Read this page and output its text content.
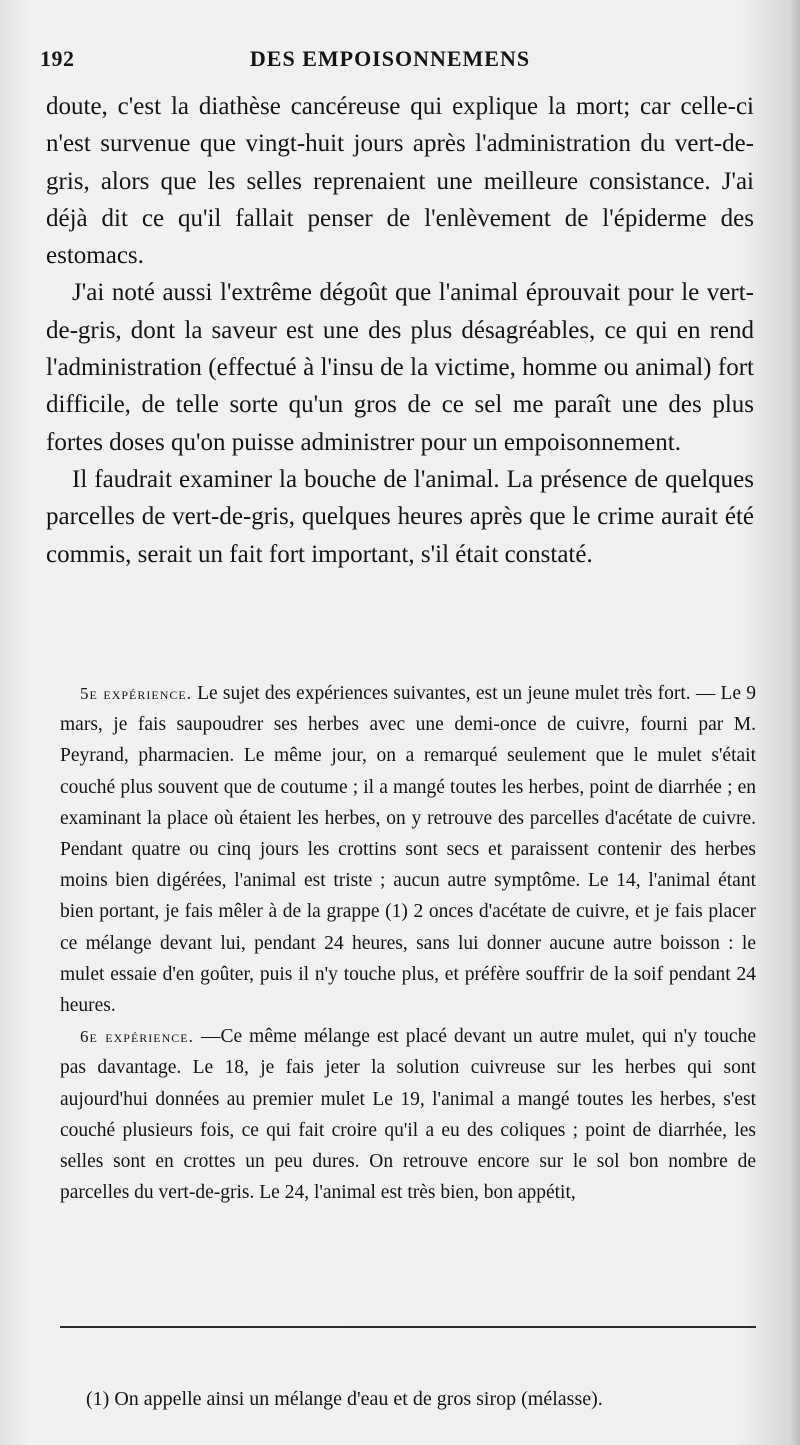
192	DES EMPOISONNEMENS

doute, c'est la diathèse cancéreuse qui explique la mort; car celle-ci n'est survenue que vingt-huit jours après l'administration du vert-de-gris, alors que les selles reprenaient une meilleure consistance. J'ai déjà dit ce qu'il fallait penser de l'enlèvement de l'épiderme des estomacs.

J'ai noté aussi l'extrême dégoût que l'animal éprouvait pour le vert-de-gris, dont la saveur est une des plus désagréables, ce qui en rend l'administration (effectué à l'insu de la victime, homme ou animal) fort difficile, de telle sorte qu'un gros de ce sel me paraît une des plus fortes doses qu'on puisse administrer pour un empoisonnement.

Il faudrait examiner la bouche de l'animal. La présence de quelques parcelles de vert-de-gris, quelques heures après que le crime aurait été commis, serait un fait fort important, s'il était constaté.

5e expérience. Le sujet des expériences suivantes, est un jeune mulet très fort. — Le 9 mars, je fais saupoudrer ses herbes avec une demi-once de cuivre, fourni par M. Peyrand, pharmacien. Le même jour, on a remarqué seulement que le mulet s'était couché plus souvent que de coutume ; il a mangé toutes les herbes, point de diarrhée ; en examinant la place où étaient les herbes, on y retrouve des parcelles d'acétate de cuivre. Pendant quatre ou cinq jours les crottins sont secs et paraissent contenir des herbes moins bien digérées, l'animal est triste ; aucun autre symptôme. Le 14, l'animal étant bien portant, je fais mêler à de la grappe (1) 2 onces d'acétate de cuivre, et je fais placer ce mélange devant lui, pendant 24 heures, sans lui donner aucune autre boisson : le mulet essaie d'en goûter, puis il n'y touche plus, et préfère souffrir de la soif pendant 24 heures.

6e expérience. —Ce même mélange est placé devant un autre mulet, qui n'y touche pas davantage. Le 18, je fais jeter la solution cuivreuse sur les herbes qui sont aujourd'hui données au premier mulet Le 19, l'animal a mangé toutes les herbes, s'est couché plusieurs fois, ce qui fait croire qu'il a eu des coliques ; point de diarrhée, les selles sont en crottes un peu dures. On retrouve encore sur le sol bon nombre de parcelles du vert-de-gris. Le 24, l'animal est très bien, bon appétit,

(1) On appelle ainsi un mélange d'eau et de gros sirop (mélasse).
